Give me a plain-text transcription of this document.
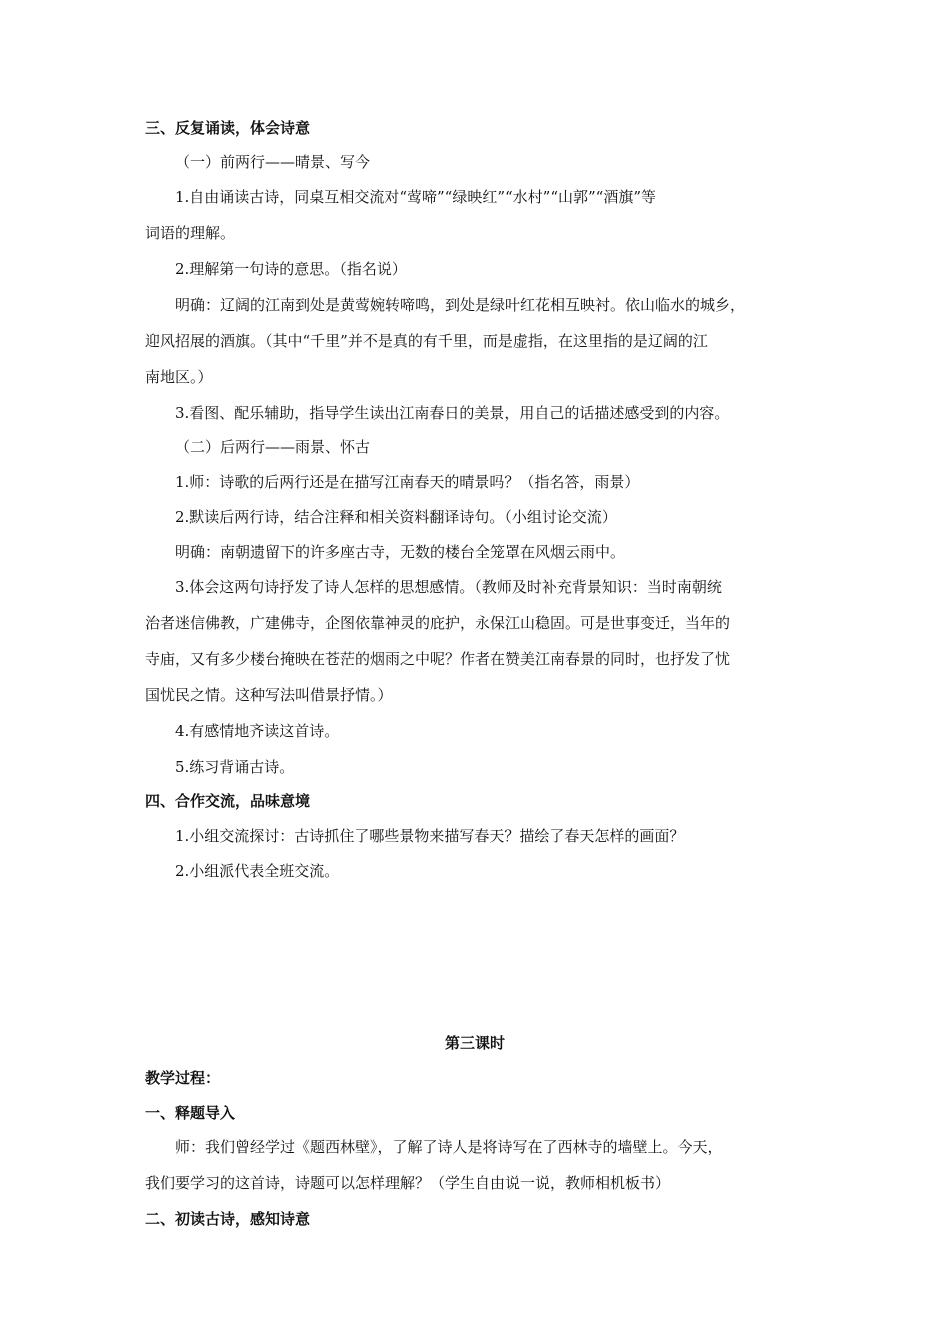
三、反复诵读，体会诗意
（一）前两行——晴景、写今
1.自由诵读古诗，同桌互相交流对“莺啼”“绿映红”“水村”“山郭”“酒旗”等
词语的理解。
2.理解第一句诗的意思。（指名说）
明确：辽阔的江南到处是黄莺婉转啼鸣，到处是绿叶红花相互映衬。依山临水的城乡，
迎风招展的酒旗。（其中“千里”并不是真的有千里，而是虚指，在这里指的是辽阔的江
南地区。）
3.看图、配乐辅助，指导学生读出江南春日的美景，用自己的话描述感受到的内容。
（二）后两行——雨景、怀古
1.师：诗歌的后两行还是在描写江南春天的晴景吗？（指名答，雨景）
2.默读后两行诗，结合注释和相关资料翻译诗句。（小组讨论交流）
明确：南朝遗留下的许多座古寺，无数的楼台全笼罩在风烟云雨中。
3.体会这两句诗抒发了诗人怎样的思想感情。（教师及时补充背景知识：当时南朝统
治者迷信佛教，广建佛寺，企图依靠神灵的庇护，永保江山稳固。可是世事变迁，当年的
寺庙，又有多少楼台掩映在苍茫的烟雨之中呢？作者在赞美江南春景的同时，也抒发了忧
国忧民之情。这种写法叫借景抒情。）
4.有感情地齐读这首诗。
5.练习背诵古诗。
四、合作交流，品味意境
1.小组交流探讨：古诗抓住了哪些景物来描写春天？描绘了春天怎样的画面？
2.小组派代表全班交流。
第三课时
教学过程：
一、释题导入
师：我们曾经学过《题西林壁》，了解了诗人是将诗写在了西林寺的墙壁上。今天，
我们要学习的这首诗，诗题可以怎样理解？（学生自由说一说，教师相机板书）
二、初读古诗，感知诗意
